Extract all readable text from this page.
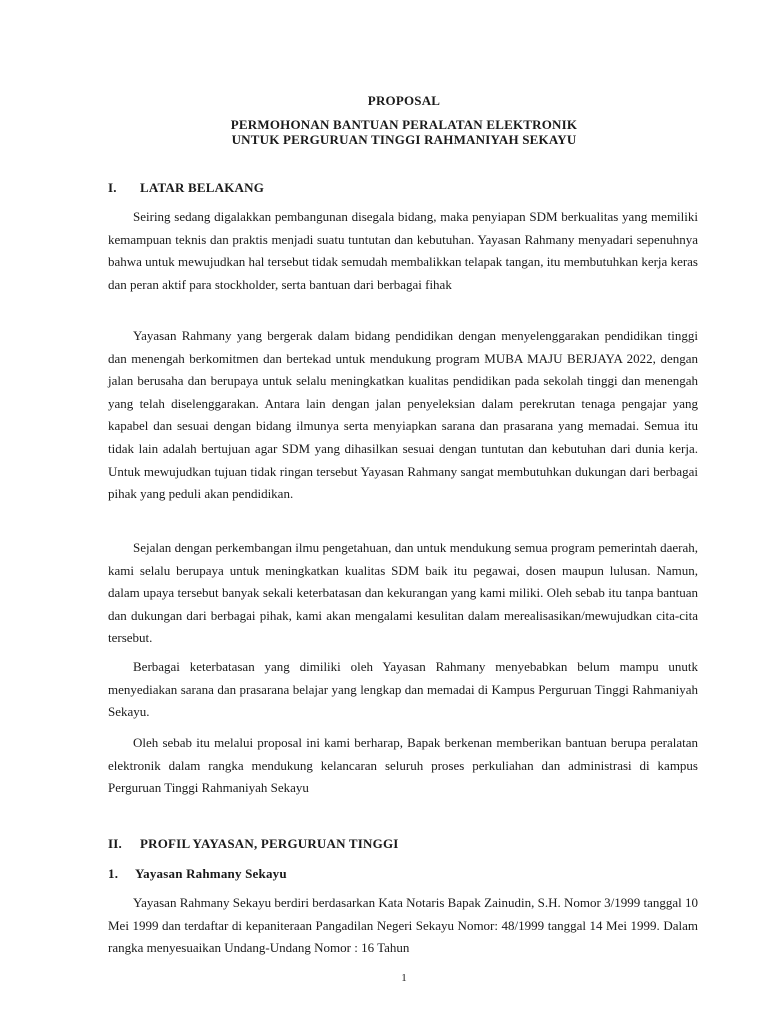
PROPOSAL
PERMOHONAN BANTUAN PERALATAN ELEKTRONIK
UNTUK PERGURUAN TINGGI RAHMANIYAH SEKAYU
I. LATAR BELAKANG

Seiring sedang digalakkan pembangunan disegala bidang, maka penyiapan SDM berkualitas yang memiliki kemampuan teknis dan praktis menjadi suatu tuntutan dan kebutuhan. Yayasan Rahmany menyadari sepenuhnya bahwa untuk mewujudkan hal tersebut tidak semudah membalikkan telapak tangan, itu membutuhkan kerja keras dan peran aktif para stockholder, serta bantuan dari berbagai fihak

Yayasan Rahmany yang bergerak dalam bidang pendidikan dengan menyelenggarakan pendidikan tinggi dan menengah berkomitmen dan bertekad untuk mendukung program MUBA MAJU BERJAYA 2022, dengan jalan berusaha dan berupaya untuk selalu meningkatkan kualitas pendidikan pada sekolah tinggi dan menengah yang telah diselenggarakan. Antara lain dengan jalan penyeleksian dalam perekrutan tenaga pengajar yang kapabel dan sesuai dengan bidang ilmunya serta menyiapkan sarana dan prasarana yang memadai. Semua itu tidak lain adalah bertujuan agar SDM yang dihasilkan sesuai dengan tuntutan dan kebutuhan dari dunia kerja. Untuk mewujudkan tujuan tidak ringan tersebut Yayasan Rahmany sangat membutuhkan dukungan dari berbagai pihak yang peduli akan pendidikan.

Sejalan dengan perkembangan ilmu pengetahuan, dan untuk mendukung semua program pemerintah daerah, kami selalu berupaya untuk meningkatkan kualitas SDM baik itu pegawai, dosen maupun lulusan. Namun, dalam upaya tersebut banyak sekali keterbatasan dan kekurangan yang kami miliki. Oleh sebab itu tanpa bantuan dan dukungan dari berbagai pihak, kami akan mengalami kesulitan dalam merealisasikan/mewujudkan cita-cita tersebut.

Berbagai keterbatasan yang dimiliki oleh Yayasan Rahmany menyebabkan belum mampu unutk menyediakan sarana dan prasarana belajar yang lengkap dan memadai di Kampus Perguruan Tinggi Rahmaniyah Sekayu.

Oleh sebab itu melalui proposal ini kami berharap, Bapak berkenan memberikan bantuan berupa peralatan elektronik dalam rangka mendukung kelancaran seluruh proses perkuliahan dan administrasi di kampus Perguruan Tinggi Rahmaniyah Sekayu

II. PROFIL YAYASAN, PERGURUAN TINGGI
1. Yayasan Rahmany Sekayu

Yayasan Rahmany Sekayu berdiri berdasarkan Kata Notaris Bapak Zainudin, S.H. Nomor 3/1999 tanggal 10 Mei 1999 dan terdaftar di kepaniteraan Pangadilan Negeri Sekayu Nomor: 48/1999 tanggal 14 Mei 1999. Dalam rangka menyesuaikan Undang-Undang Nomor : 16 Tahun

1
